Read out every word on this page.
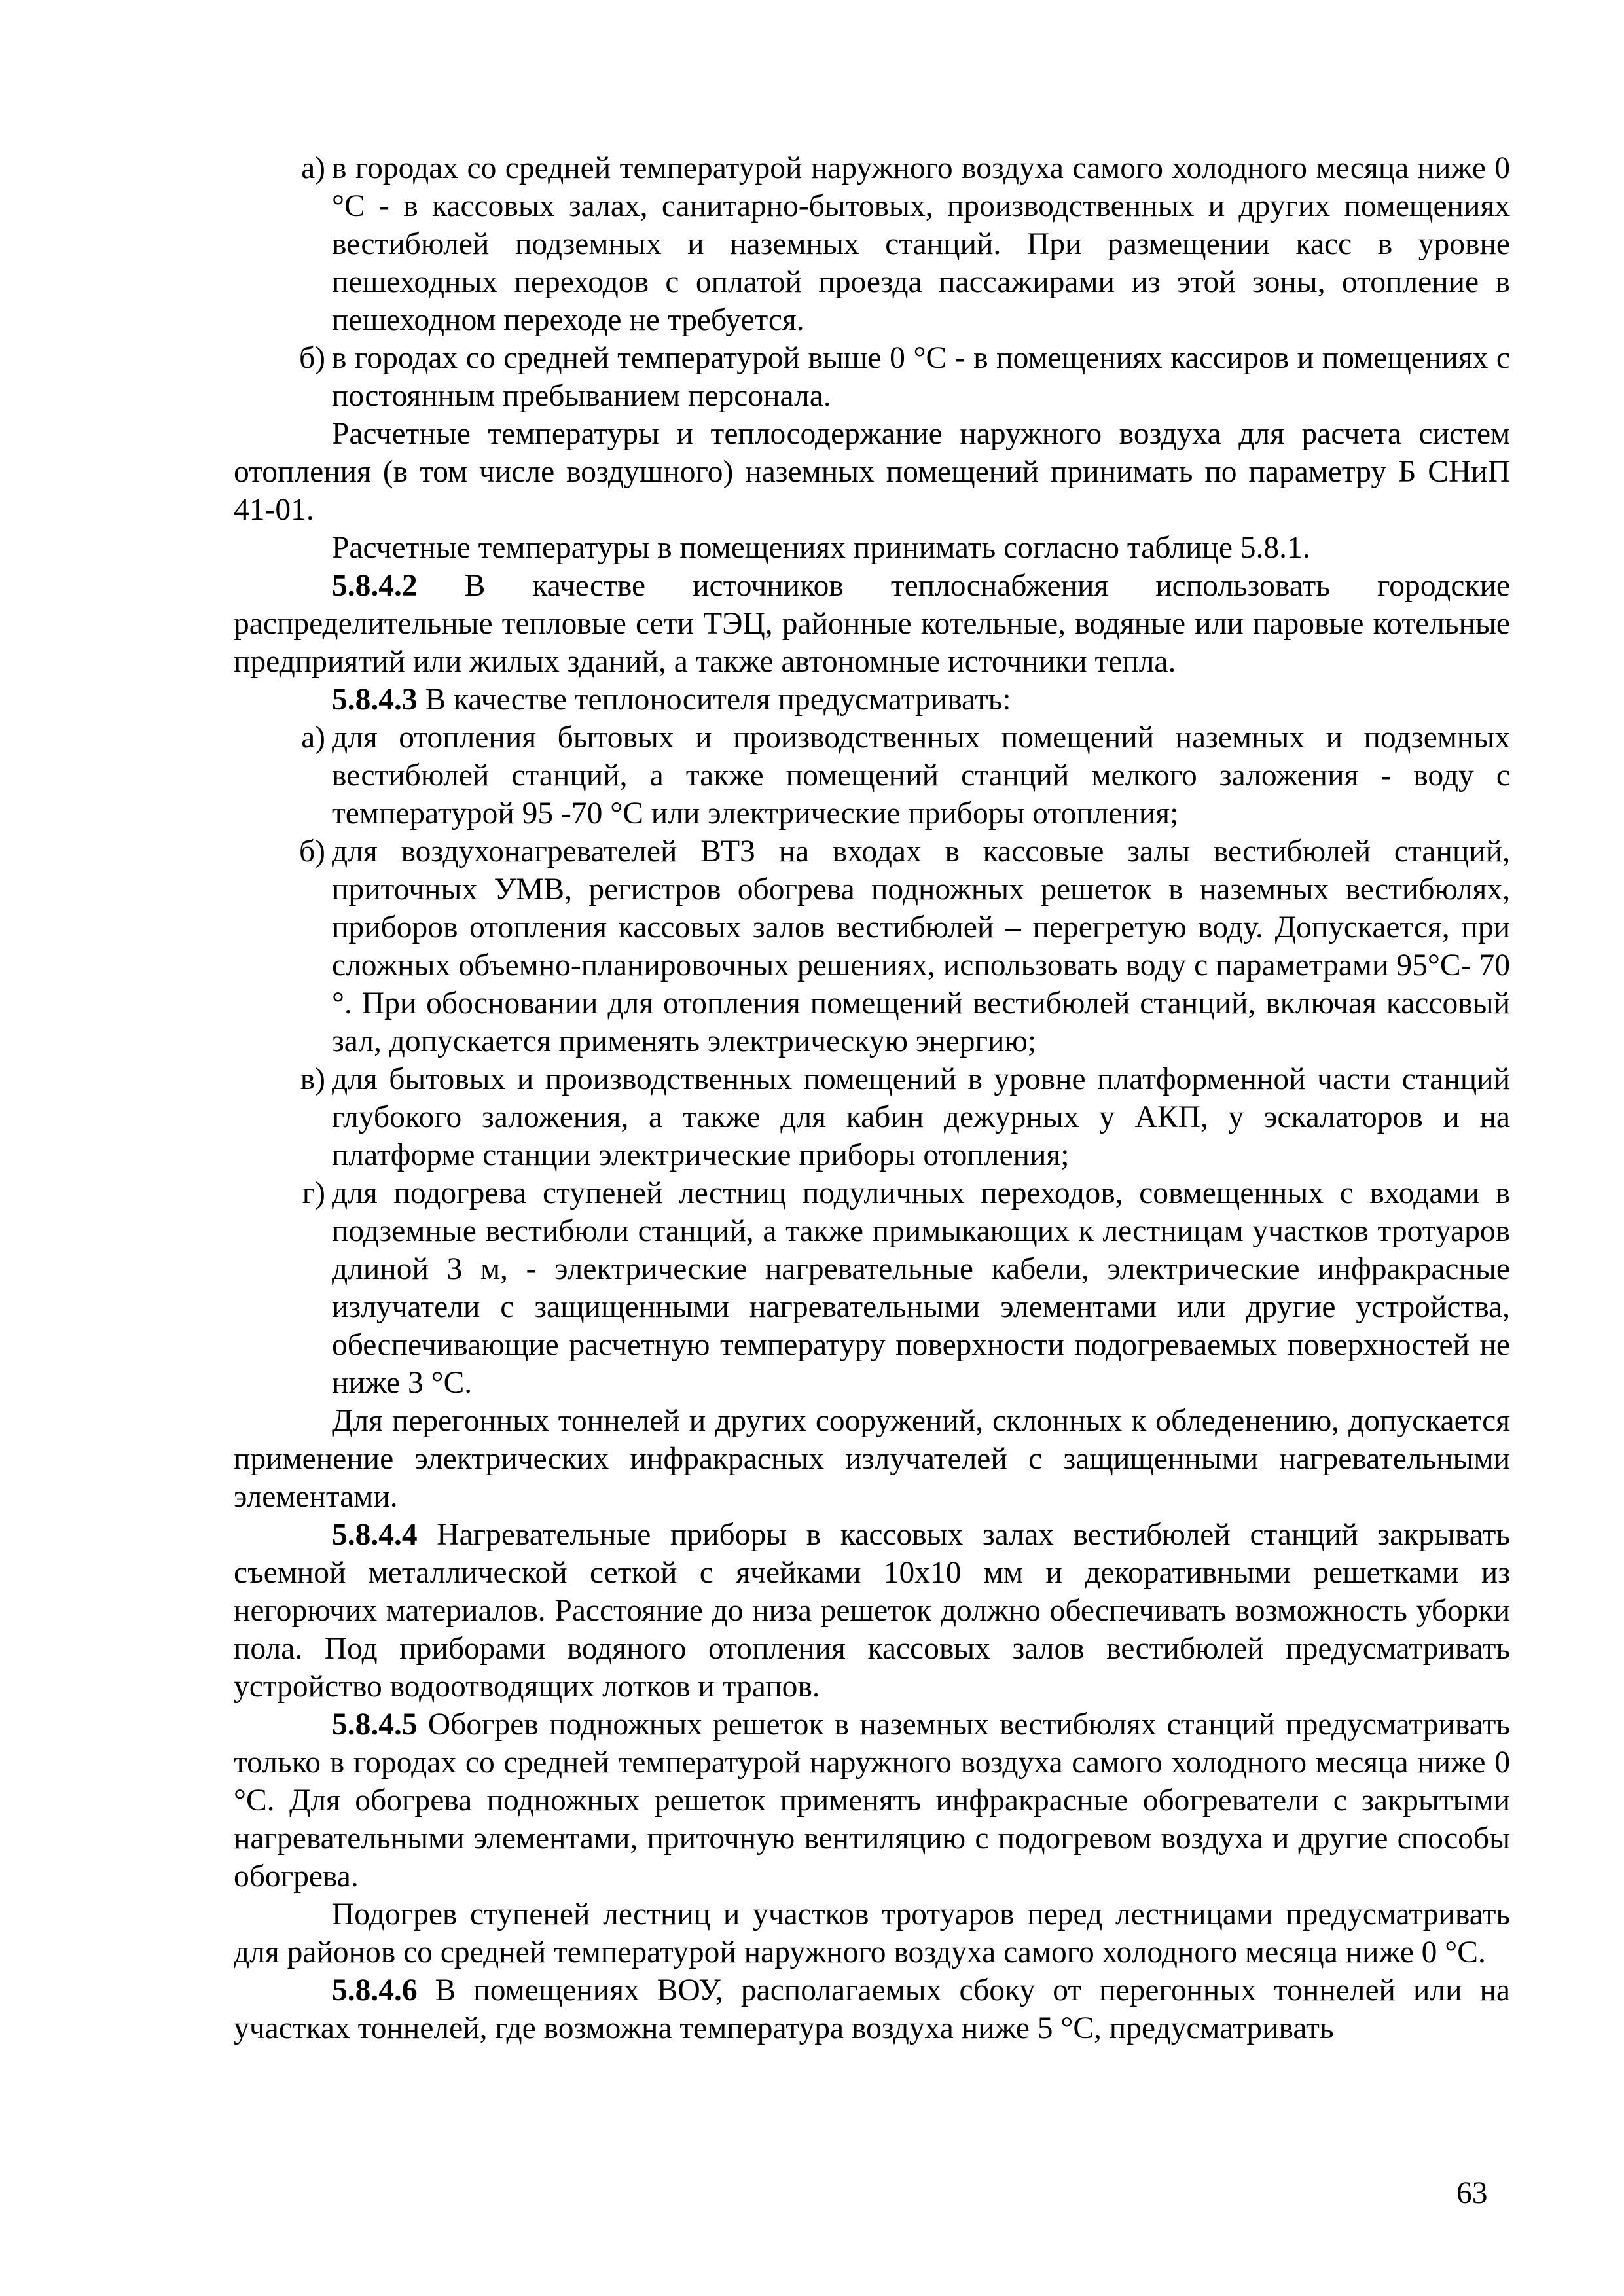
а) в городах со средней температурой наружного воздуха самого холодного месяца ниже 0 °С - в кассовых залах, санитарно-бытовых, производственных и других помещениях вестибюлей подземных и наземных станций. При размещении касс в уровне пешеходных переходов с оплатой проезда пассажирами из этой зоны, отопление в пешеходном переходе не требуется.
б) в городах со средней температурой выше 0 °С - в помещениях кассиров и помещениях с постоянным пребыванием персонала.

Расчетные температуры и теплосодержание наружного воздуха для расчета систем отопления (в том числе воздушного) наземных помещений принимать по параметру Б СНиП 41-01.

Расчетные температуры в помещениях принимать согласно таблице 5.8.1.

5.8.4.2 В качестве источников теплоснабжения использовать городские распределительные тепловые сети ТЭЦ, районные котельные, водяные или паровые котельные предприятий или жилых зданий, а также автономные источники тепла.

5.8.4.3 В качестве теплоносителя предусматривать:

а) для отопления бытовых и производственных помещений наземных и подземных вестибюлей станций, а также помещений станций мелкого заложения - воду с температурой 95 -70 °С или электрические приборы отопления;
б) для воздухонагревателей ВТЗ на входах в кассовые залы вестибюлей станций, приточных УМВ, регистров обогрева подножных решеток в наземных вестибюлях, приборов отопления кассовых залов вестибюлей – перегретую воду. Допускается, при сложных объемно-планировочных решениях, использовать воду с параметрами 95°С- 70 °. При обосновании для отопления помещений вестибюлей станций, включая кассовый зал, допускается применять электрическую энергию;
в) для бытовых и производственных помещений в уровне платформенной части станций глубокого заложения, а также для кабин дежурных у АКП, у эскалаторов и на платформе станции электрические приборы отопления;
г) для подогрева ступеней лестниц подуличных переходов, совмещенных с входами в подземные вестибюли станций, а также примыкающих к лестницам участков тротуаров длиной 3 м, - электрические нагревательные кабели, электрические инфракрасные излучатели с защищенными нагревательными элементами или другие устройства, обеспечивающие расчетную температуру поверхности подогреваемых поверхностей не ниже 3 °С.

Для перегонных тоннелей и других сооружений, склонных к обледенению, допускается применение электрических инфракрасных излучателей с защищенными нагревательными элементами.

5.8.4.4 Нагревательные приборы в кассовых залах вестибюлей станций закрывать съемной металлической сеткой с ячейками 10х10 мм и декоративными решетками из негорючих материалов. Расстояние до низа решеток должно обеспечивать возможность уборки пола. Под приборами водяного отопления кассовых залов вестибюлей предусматривать устройство водоотводящих лотков и трапов.

5.8.4.5 Обогрев подножных решеток в наземных вестибюлях станций предусматривать только в городах со средней температурой наружного воздуха самого холодного месяца ниже 0 °С. Для обогрева подножных решеток применять инфракрасные обогреватели с закрытыми нагревательными элементами, приточную вентиляцию с подогревом воздуха и другие способы обогрева.

Подогрев ступеней лестниц и участков тротуаров перед лестницами предусматривать для районов со средней температурой наружного воздуха самого холодного месяца ниже 0 °С.

5.8.4.6 В помещениях ВОУ, располагаемых сбоку от перегонных тоннелей или на участках тоннелей, где возможна температура воздуха ниже 5 °С, предусматривать

63
